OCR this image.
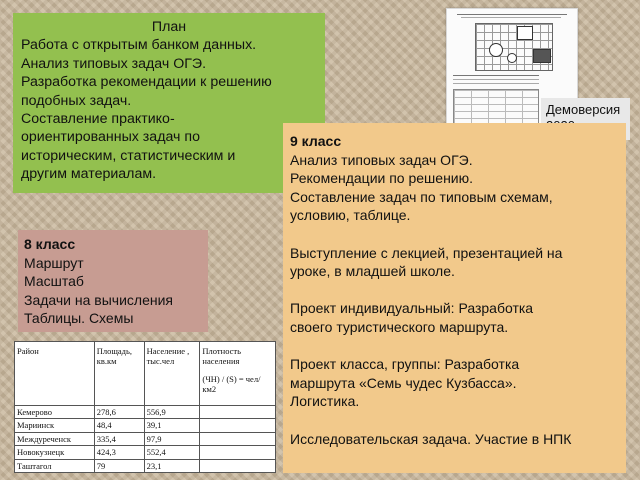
План
Работа с открытым банком данных.
Анализ типовых задач ОГЭ.
Разработка рекомендации к решению
подобных задач.
Составление практико-
ориентированных задач по
историческим, статистическим и
другим материалам.
Демоверсия
9 класс
Анализ типовых задач ОГЭ.
Рекомендации по решению.
Составление задач по типовым схемам,
условию, таблице.
Выступление с лекцией, презентацией на
уроке, в младшей школе.
Проект индивидуальный: Разработка
своего туристического маршрута.
Проект класса, группы: Разработка
маршрута «Семь чудес Кузбасса».
Логистика.
Исследовательская задача. Участие в НПК
8 класс
Маршрут
Масштаб
Задачи на вычисления
Таблицы. Схемы
Район	Площадь, кв.км	Население , тыс.чел	Плотность населения
(ЧН) / (S) = чел/км2

Кемерово	278,6	556,9	
Мариинск	48,4	39,1	
Междуреченск	335,4	97,9	
Новокузнецк	424,3	552,4	
Таштагол	79	23,1	
